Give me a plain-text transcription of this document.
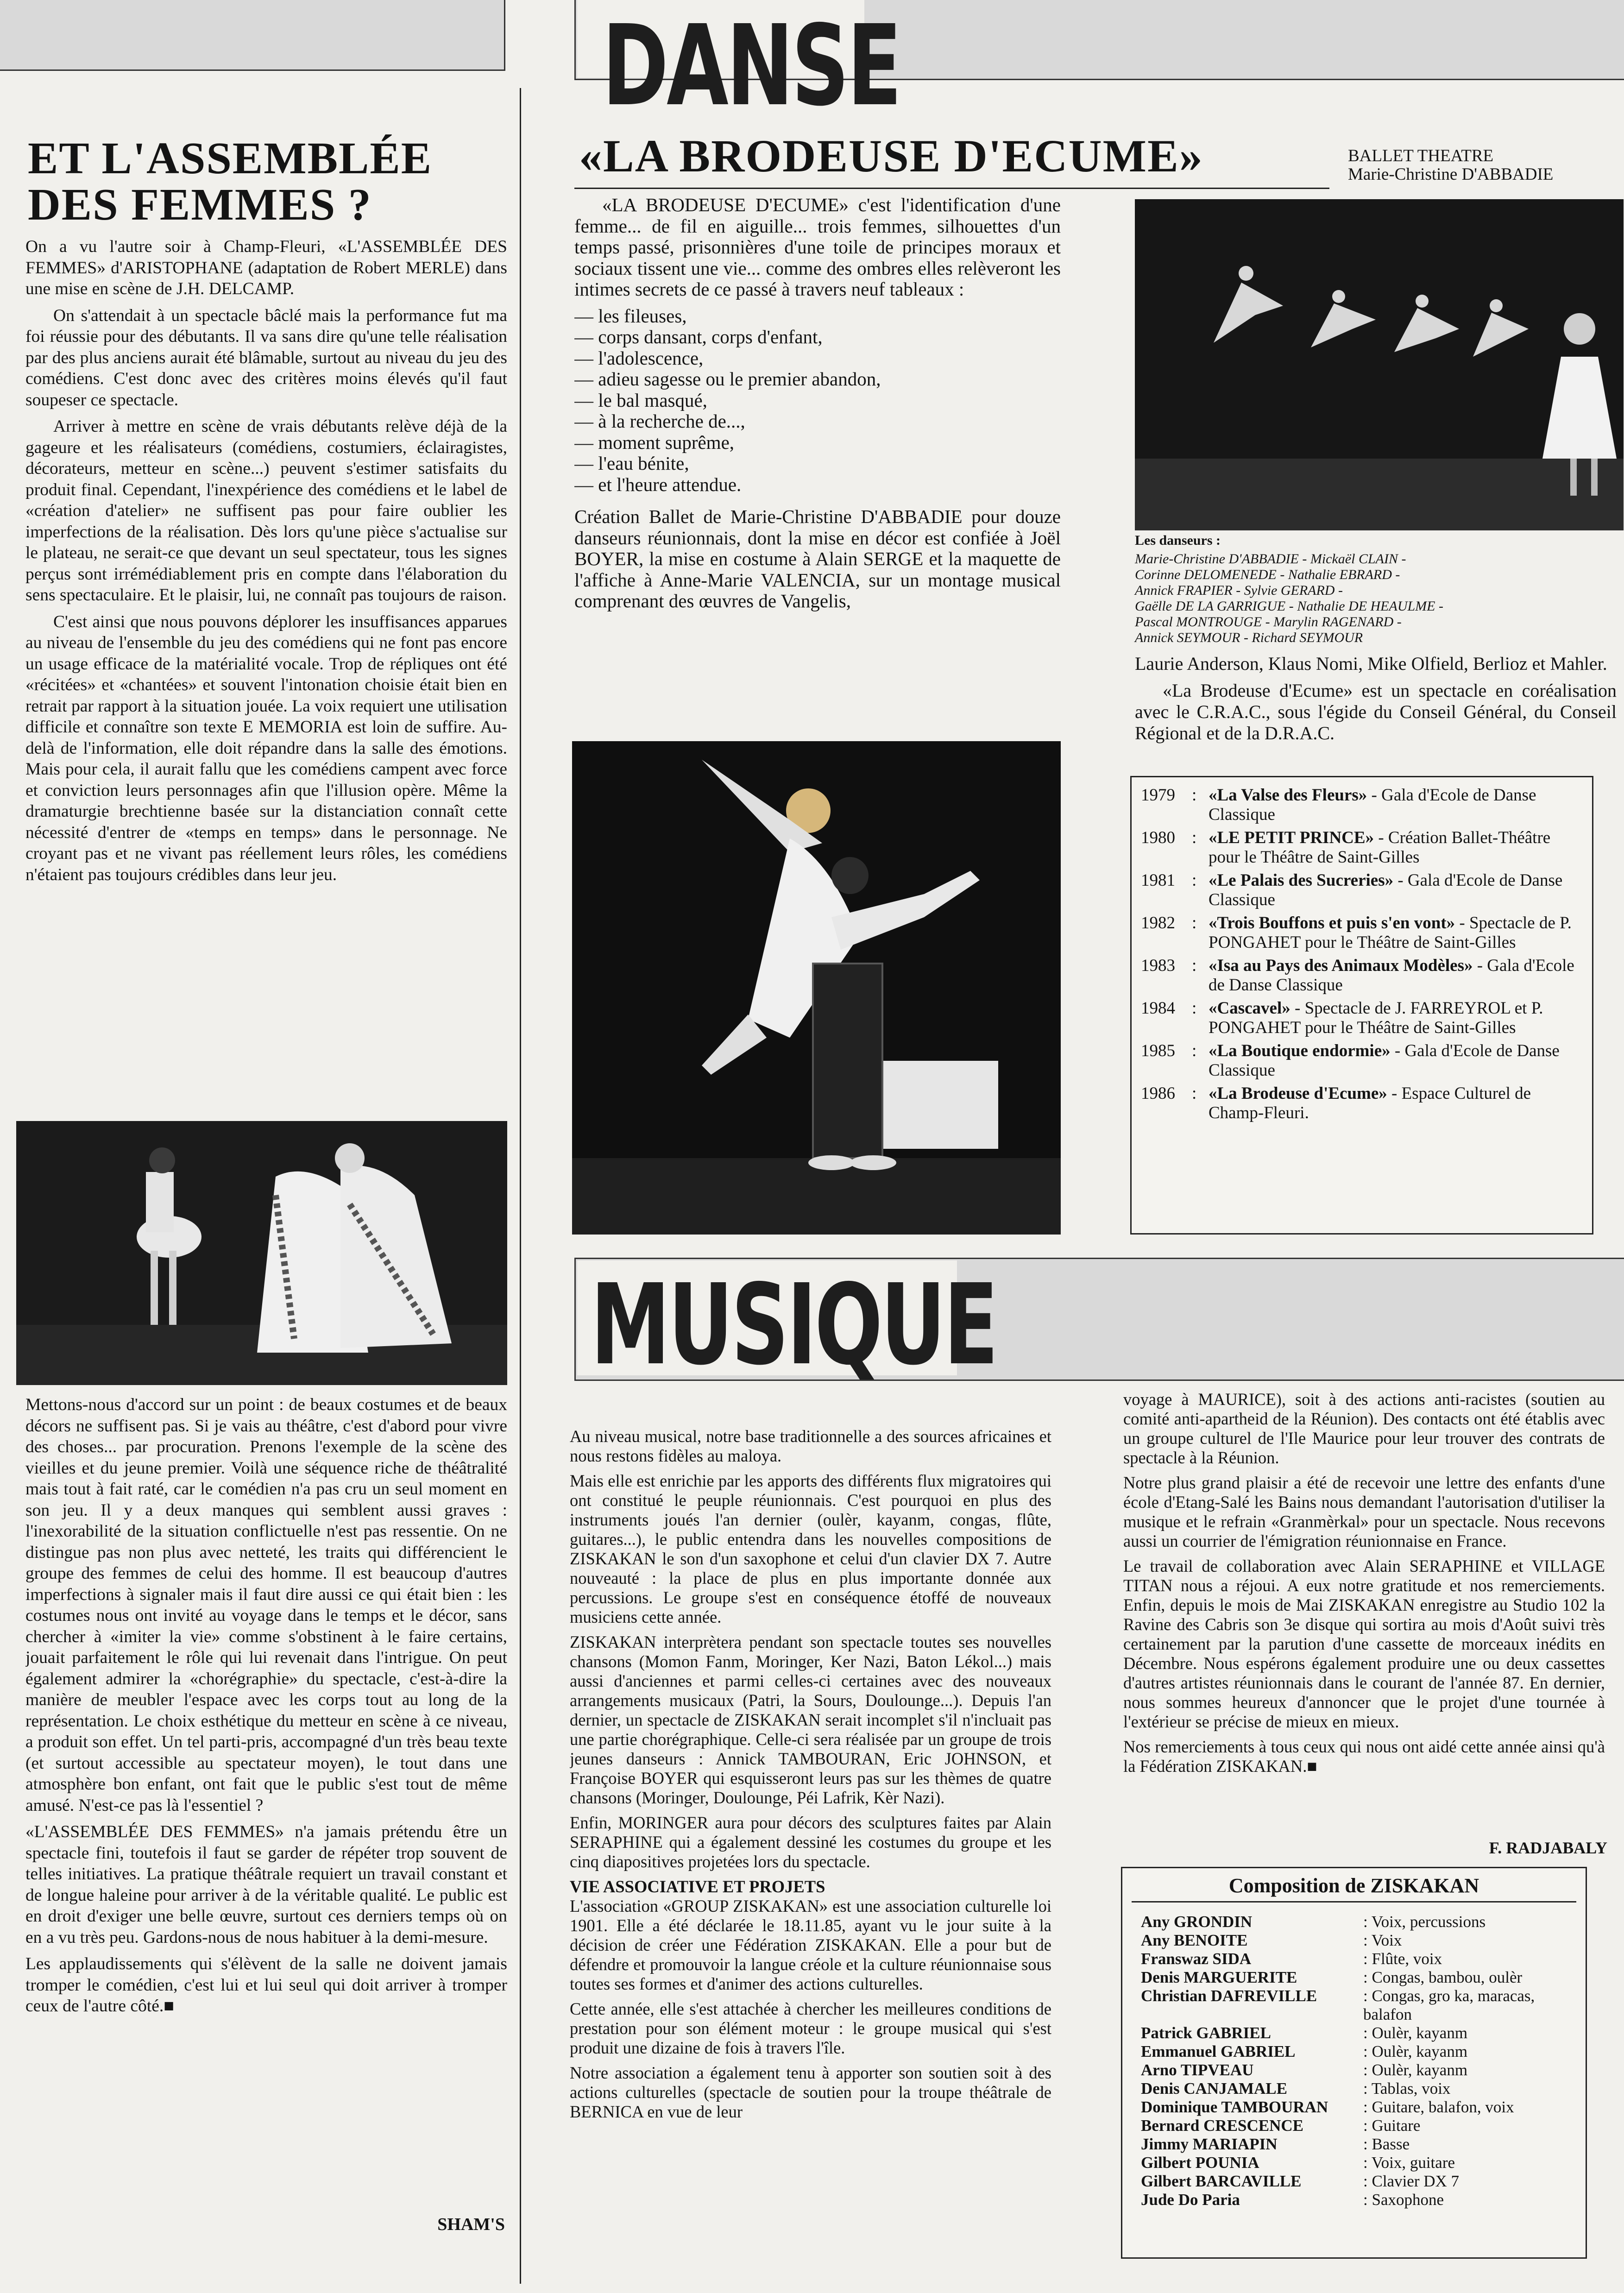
DANSE
ET L'ASSEMBLÉE
DES FEMMES ?

On a vu l'autre soir à Champ-Fleuri, «L'ASSEMBLÉE DES FEMMES» d'ARISTOPHANE (adaptation de Robert MERLE) dans une mise en scène de J.H. DELCAMP.

On s'attendait à un spectacle bâclé mais la performance fut ma foi réussie pour des débutants. Il va sans dire qu'une telle réalisation par des plus anciens aurait été blâmable, surtout au niveau du jeu des comédiens. C'est donc avec des critères moins élevés qu'il faut soupeser ce spectacle.

Arriver à mettre en scène de vrais débutants relève déjà de la gageure et les réalisateurs (comédiens, costumiers, éclairagistes, décorateurs, metteur en scène...) peuvent s'estimer satisfaits du produit final. Cependant, l'inexpérience des comédiens et le label de «création d'atelier» ne suffisent pas pour faire oublier les imperfections de la réalisation. Dès lors qu'une pièce s'actualise sur le plateau, ne serait-ce que devant un seul spectateur, tous les signes perçus sont irrémédiablement pris en compte dans l'élaboration du sens spectaculaire. Et le plaisir, lui, ne connaît pas toujours de raison.

C'est ainsi que nous pouvons déplorer les insuffisances apparues au niveau de l'ensemble du jeu des comédiens qui ne font pas encore un usage efficace de la matérialité vocale. Trop de répliques ont été «récitées» et «chantées» et souvent l'intonation choisie était bien en retrait par rapport à la situation jouée. La voix requiert une utilisation difficile et connaître son texte E MEMORIA est loin de suffire. Au-delà de l'information, elle doit répandre dans la salle des émotions. Mais pour cela, il aurait fallu que les comédiens campent avec force et conviction leurs personnages afin que l'illusion opère. Même la dramaturgie brechtienne basée sur la distanciation connaît cette nécessité d'entrer de «temps en temps» dans le personnage. Ne croyant pas et ne vivant pas réellement leurs rôles, les comédiens n'étaient pas toujours crédibles dans leur jeu.

Mettons-nous d'accord sur un point : de beaux costumes et de beaux décors ne suffisent pas. Si je vais au théâtre, c'est d'abord pour vivre des choses... par procuration. Prenons l'exemple de la scène des vieilles et du jeune premier. Voilà une séquence riche de théâtralité mais tout à fait raté, car le comédien n'a pas cru un seul moment en son jeu. Il y a deux manques qui semblent aussi graves : l'inexorabilité de la situation conflictuelle n'est pas ressentie. On ne distingue pas non plus avec netteté, les traits qui différencient le groupe des femmes de celui des homme. Il est beaucoup d'autres imperfections à signaler mais il faut dire aussi ce qui était bien : les costumes nous ont invité au voyage dans le temps et le décor, sans chercher à «imiter la vie» comme s'obstinent à le faire certains, jouait parfaitement le rôle qui lui revenait dans l'intrigue. On peut également admirer la «chorégraphie» du spectacle, c'est-à-dire la manière de meubler l'espace avec les corps tout au long de la représentation. Le choix esthétique du metteur en scène à ce niveau, a produit son effet. Un tel parti-pris, accompagné d'un très beau texte (et surtout accessible au spectateur moyen), le tout dans une atmosphère bon enfant, ont fait que le public s'est tout de même amusé. N'est-ce pas là l'essentiel ?

«L'ASSEMBLÉE DES FEMMES» n'a jamais prétendu être un spectacle fini, toutefois il faut se garder de répéter trop souvent de telles initiatives. La pratique théâtrale requiert un travail constant et de longue haleine pour arriver à de la véritable qualité. Le public est en droit d'exiger une belle œuvre, surtout ces derniers temps où on en a vu très peu. Gardons-nous de nous habituer à la demi-mesure.

Les applaudissements qui s'élèvent de la salle ne doivent jamais tromper le comédien, c'est lui et lui seul qui doit arriver à tromper ceux de l'autre côté.■

SHAM'S
«LA BRODEUSE D'ECUME»	BALLET THEATRE
Marie-Christine D'ABBADIE

«LA BRODEUSE D'ECUME» c'est l'identification d'une femme... de fil en aiguille... trois femmes, silhouettes d'un temps passé, prisonnières d'une toile de principes moraux et sociaux tissent une vie... comme des ombres elles relèveront les intimes secrets de ce passé à travers neuf tableaux :

— les fileuses,
— corps dansant, corps d'enfant,
— l'adolescence,
— adieu sagesse ou le premier abandon,
— le bal masqué,
— à la recherche de...,
— moment suprême,
— l'eau bénite,
— et l'heure attendue.

Création Ballet de Marie-Christine D'ABBADIE pour douze danseurs réunionnais, dont la mise en décor est confiée à Joël BOYER, la mise en costume à Alain SERGE et la maquette de l'affiche à Anne-Marie VALENCIA, sur un montage musical comprenant des œuvres de Vangelis,

Les danseurs :
Marie-Christine D'ABBADIE - Mickaël CLAIN -
Corinne DELOMENEDE - Nathalie EBRARD -
Annick FRAPIER - Sylvie GERARD -
Gaëlle DE LA GARRIGUE - Nathalie DE HEAULME -
Pascal MONTROUGE - Marylin RAGENARD -
Annick SEYMOUR - Richard SEYMOUR

Laurie Anderson, Klaus Nomi, Mike Olfield, Berlioz et Mahler.

«La Brodeuse d'Ecume» est un spectacle en coréalisation avec le C.R.A.C., sous l'égide du Conseil Général, du Conseil Régional et de la D.R.A.C.

1979 : «La Valse des Fleurs» - Gala d'Ecole de Danse Classique
1980 : «LE PETIT PRINCE» - Création Ballet-Théâtre pour le Théâtre de Saint-Gilles
1981 : «Le Palais des Sucreries» - Gala d'Ecole de Danse Classique
1982 : «Trois Bouffons et puis s'en vont» - Spectacle de P. PONGAHET pour le Théâtre de Saint-Gilles
1983 : «Isa au Pays des Animaux Modèles» - Gala d'Ecole de Danse Classique
1984 : «Cascavel» - Spectacle de J. FARREYROL et P. PONGAHET pour le Théâtre de Saint-Gilles
1985 : «La Boutique endormie» - Gala d'Ecole de Danse Classique
1986 : «La Brodeuse d'Ecume» - Espace Culturel de Champ-Fleuri.
MUSIQUE

Au niveau musical, notre base traditionnelle a des sources africaines et nous restons fidèles au maloya.

Mais elle est enrichie par les apports des différents flux migratoires qui ont constitué le peuple réunionnais. C'est pourquoi en plus des instruments joués l'an dernier (oulèr, kayanm, congas, flûte, guitares...), le public entendra dans les nouvelles compositions de ZISKAKAN le son d'un saxophone et celui d'un clavier DX 7. Autre nouveauté : la place de plus en plus importante donnée aux percussions. Le groupe s'est en conséquence étoffé de nouveaux musiciens cette année.

ZISKAKAN interprètera pendant son spectacle toutes ses nouvelles chansons (Momon Fanm, Moringer, Ker Nazi, Baton Lékol...) mais aussi d'anciennes et parmi celles-ci certaines avec des nouveaux arrangements musicaux (Patri, la Sours, Doulounge...). Depuis l'an dernier, un spectacle de ZISKAKAN serait incomplet s'il n'incluait pas une partie chorégraphique. Celle-ci sera réalisée par un groupe de trois jeunes danseurs : Annick TAMBOURAN, Eric JOHNSON, et Françoise BOYER qui esquisseront leurs pas sur les thèmes de quatre chansons (Moringer, Doulounge, Péi Lafrik, Kèr Nazi).

Enfin, MORINGER aura pour décors des sculptures faites par Alain SERAPHINE qui a également dessiné les costumes du groupe et les cinq diapositives projetées lors du spectacle.

VIE ASSOCIATIVE ET PROJETS

L'association «GROUP ZISKAKAN» est une association culturelle loi 1901. Elle a été déclarée le 18.11.85, ayant vu le jour suite à la décision de créer une Fédération ZISKAKAN. Elle a pour but de défendre et promouvoir la langue créole et la culture réunionnaise sous toutes ses formes et d'animer des actions culturelles.

Cette année, elle s'est attachée à chercher les meilleures conditions de prestation pour son élément moteur : le groupe musical qui s'est produit une dizaine de fois à travers l'île.

Notre association a également tenu à apporter son soutien soit à des actions culturelles (spectacle de soutien pour la troupe théâtrale de BERNICA en vue de leur

voyage à MAURICE), soit à des actions anti-racistes (soutien au comité anti-apartheid de la Réunion). Des contacts ont été établis avec un groupe culturel de l'Ile Maurice pour leur trouver des contrats de spectacle à la Réunion.

Notre plus grand plaisir a été de recevoir une lettre des enfants d'une école d'Etang-Salé les Bains nous demandant l'autorisation d'utiliser la musique et le refrain «Granmèrkal» pour un spectacle. Nous recevons aussi un courrier de l'émigration réunionnaise en France.

Le travail de collaboration avec Alain SERAPHINE et VILLAGE TITAN nous a réjoui. A eux notre gratitude et nos remerciements. Enfin, depuis le mois de Mai ZISKAKAN enregistre au Studio 102 la Ravine des Cabris son 3e disque qui sortira au mois d'Août suivi très certainement par la parution d'une cassette de morceaux inédits en Décembre. Nous espérons également produire une ou deux cassettes d'autres artistes réunionnais dans le courant de l'année 87. En dernier, nous sommes heureux d'annoncer que le projet d'une tournée à l'extérieur se précise de mieux en mieux.

Nos remerciements à tous ceux qui nous ont aidé cette année ainsi qu'à la Fédération ZISKAKAN.■

F. RADJABALY
Composition de ZISKAKAN
Any GRONDIN	: Voix, percussions
Any BENOITE	: Voix
Franswaz SIDA	: Flûte, voix
Denis MARGUERITE	: Congas, bambou, oulèr
Christian DAFREVILLE	: Congas, gro ka, maracas, balafon
Patrick GABRIEL	: Oulèr, kayanm
Emmanuel GABRIEL	: Oulèr, kayanm
Arno TIPVEAU	: Oulèr, kayanm
Denis CANJAMALE	: Tablas, voix
Dominique TAMBOURAN	: Guitare, balafon, voix
Bernard CRESCENCE	: Guitare
Jimmy MARIAPIN	: Basse
Gilbert POUNIA	: Voix, guitare
Gilbert BARCAVILLE	: Clavier DX 7
Jude Do Paria	: Saxophone
